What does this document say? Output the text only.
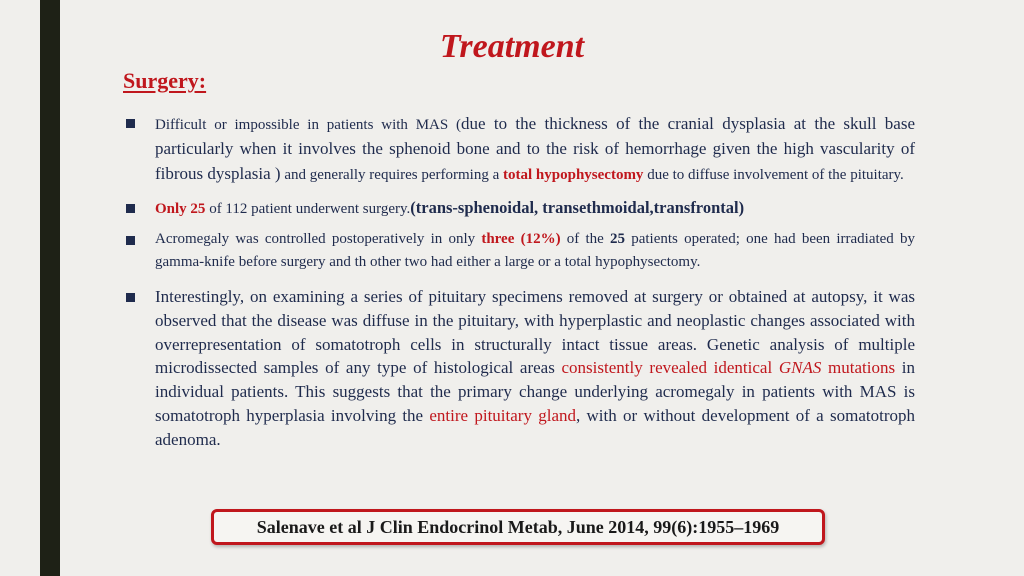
Treatment
Surgery:
Difficult or impossible in patients with MAS (due to the thickness of the cranial dysplasia at the skull base particularly when it involves the sphenoid bone and to the risk of hemorrhage given the high vascularity of fibrous dysplasia ) and generally requires performing a total hypophysectomy due to diffuse involvement of the pituitary.
Only 25 of 112 patient underwent surgery.(trans-sphenoidal, transethmoidal,transfrontal)
Acromegaly was controlled postoperatively in only three (12%) of the 25 patients operated; one had been irradiated by gamma-knife before surgery and th other two had either a large or a total hypophysectomy.
Interestingly, on examining a series of pituitary specimens removed at surgery or obtained at autopsy, it was observed that the disease was diffuse in the pituitary, with hyperplastic and neoplastic changes associated with overrepresentation of somatotroph cells in structurally intact tissue areas. Genetic analysis of multiple microdissected samples of any type of histological areas consistently revealed identical GNAS mutations in individual patients. This suggests that the primary change underlying acromegaly in patients with MAS is somatotroph hyperplasia involving the entire pituitary gland, with or without development of a somatotroph adenoma.
Salenave et al J Clin Endocrinol Metab, June 2014, 99(6):1955–1969
